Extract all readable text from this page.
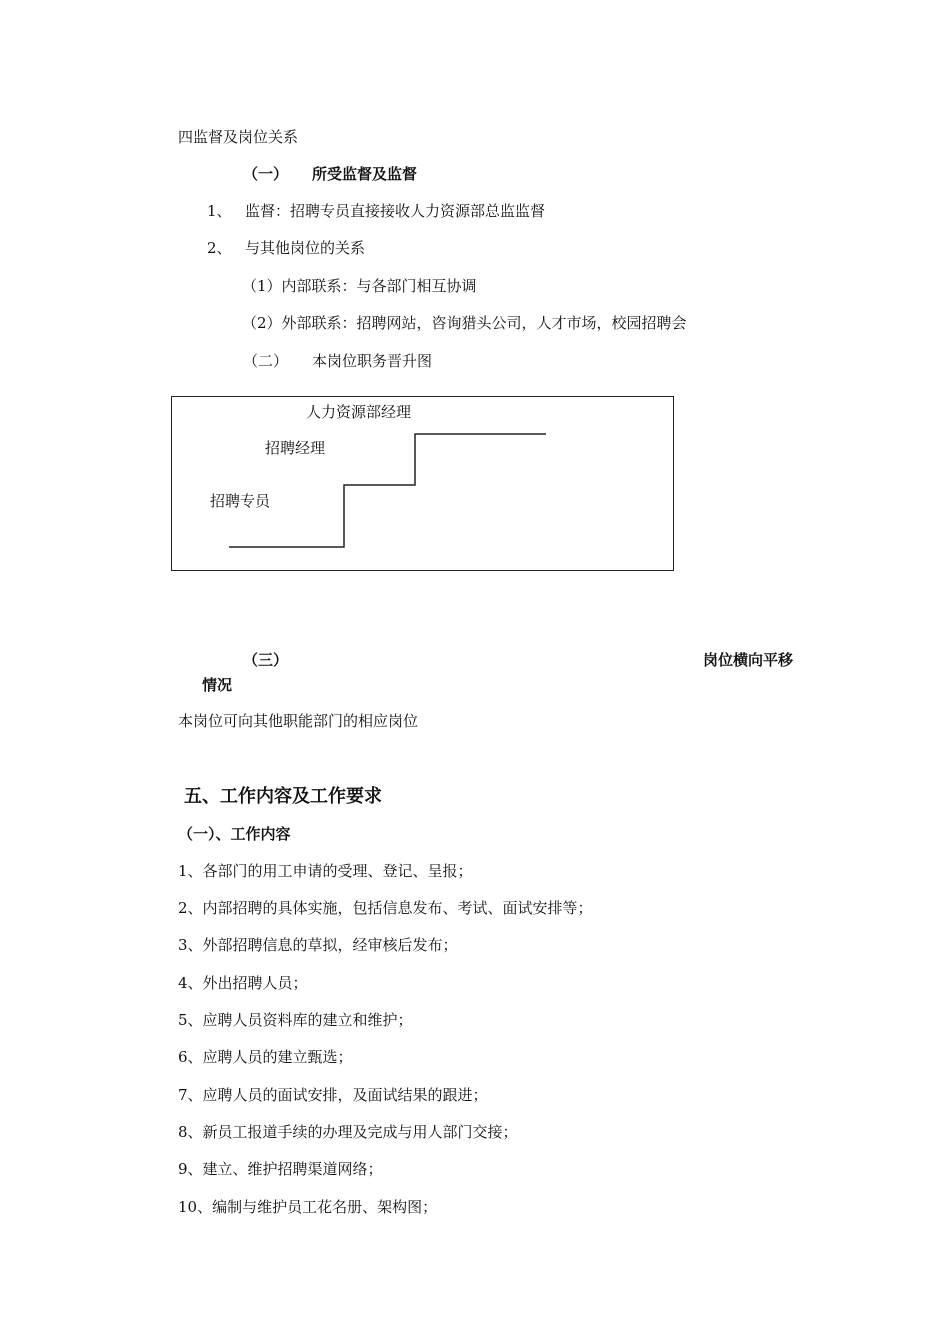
四监督及岗位关系
（一） 所受监督及监督
1、 监督：招聘专员直接接收人力资源部总监监督
2、 与其他岗位的关系
（1）内部联系：与各部门相互协调
（2）外部联系：招聘网站，咨询猎头公司，人才市场，校园招聘会
（二） 本岗位职务晋升图
招聘专员
招聘经理
人力资源部经理
（三）	岗位横向平移
情况
本岗位可向其他职能部门的相应岗位
五、工作内容及工作要求
（一）、工作内容
1、各部门的用工申请的受理、登记、呈报；
2、内部招聘的具体实施，包括信息发布、考试、面试安排等；
3、外部招聘信息的草拟，经审核后发布；
4、外出招聘人员；
5、应聘人员资料库的建立和维护；
6、应聘人员的建立甄选；
7、应聘人员的面试安排，及面试结果的跟进；
8、新员工报道手续的办理及完成与用人部门交接；
9、建立、维护招聘渠道网络；
10、编制与维护员工花名册、架构图；
